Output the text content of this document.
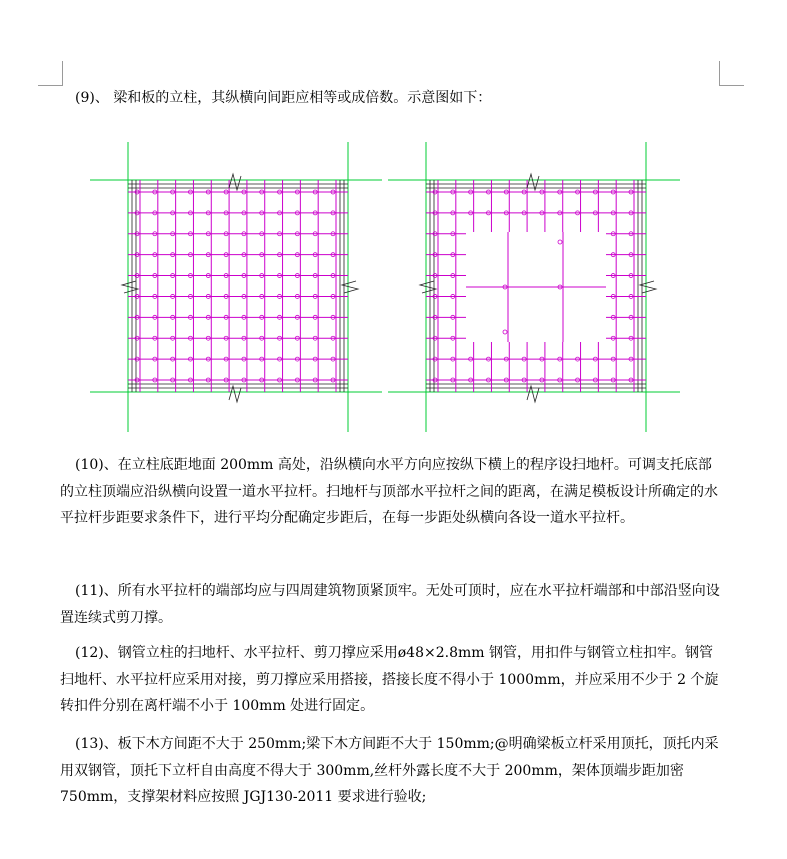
(9)、 梁和板的立柱，其纵横向间距应相等或成倍数。示意图如下：

(10)、在立柱底距地面 200mm 高处，沿纵横向水平方向应按纵下横上的程序设扫地杆。可调支托底部的立柱顶端应沿纵横向设置一道水平拉杆。扫地杆与顶部水平拉杆之间的距离，在满足模板设计所确定的水平拉杆步距要求条件下，进行平均分配确定步距后，在每一步距处纵横向各设一道水平拉杆。

(11)、所有水平拉杆的端部均应与四周建筑物顶紧顶牢。无处可顶时，应在水平拉杆端部和中部沿竖向设置连续式剪刀撑。

(12)、钢管立柱的扫地杆、水平拉杆、剪刀撑应采用ø48×2.8mm 钢管，用扣件与钢管立柱扣牢。钢管扫地杆、水平拉杆应采用对接，剪刀撑应采用搭接，搭接长度不得小于 1000mm，并应采用不少于 2 个旋转扣件分别在离杆端不小于 100mm 处进行固定。

(13)、板下木方间距不大于 250mm;梁下木方间距不大于 150mm;@明确梁板立杆采用顶托，顶托内采用双钢管，顶托下立杆自由高度不得大于 300mm,丝杆外露长度不大于 200mm，架体顶端步距加密 750mm，支撑架材料应按照 JGJ130-2011 要求进行验收;
